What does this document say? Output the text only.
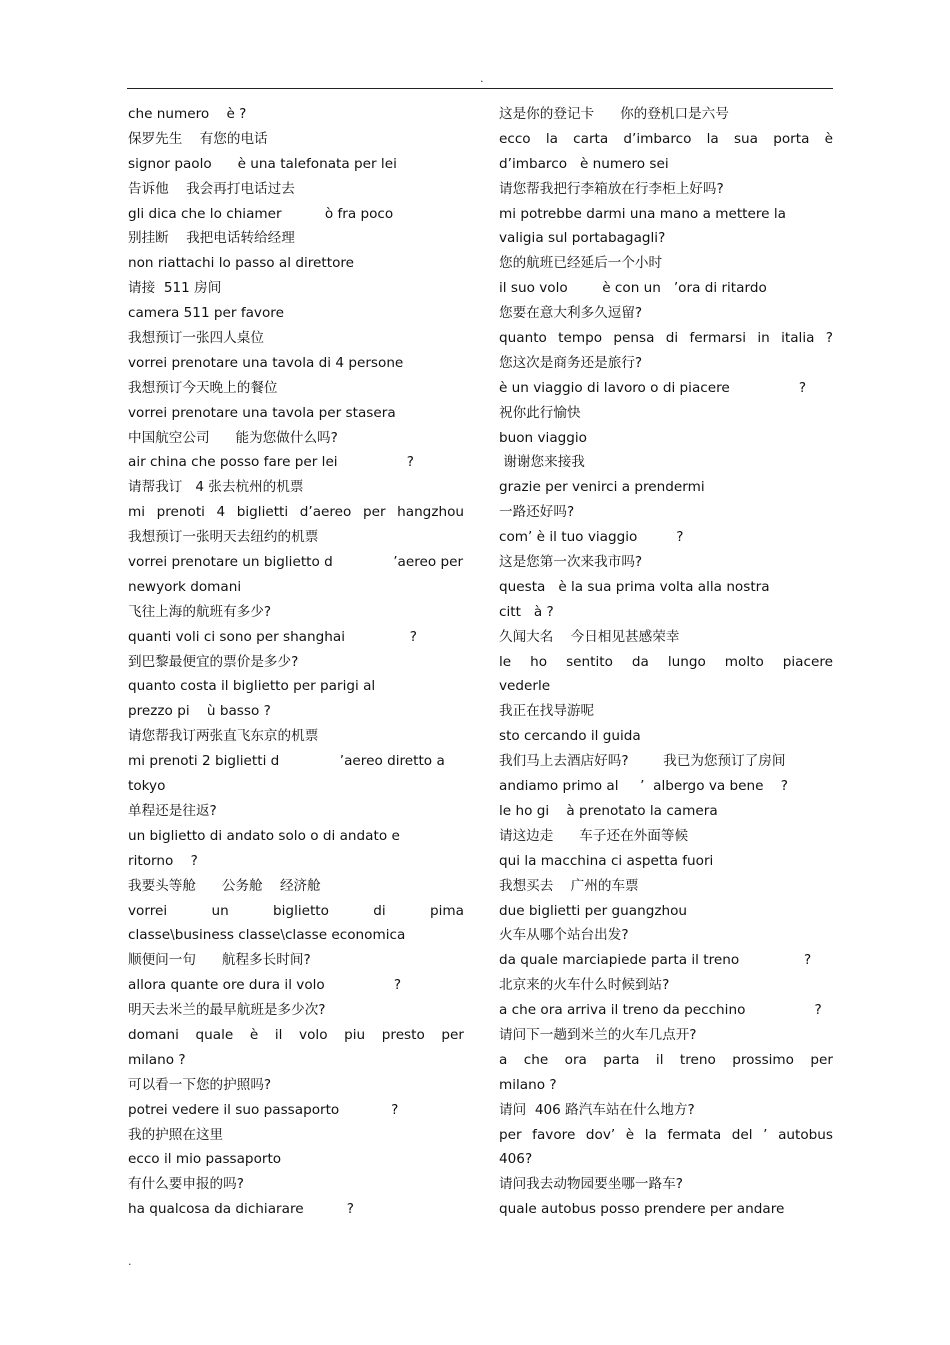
.
che numero    è ?
保罗先生    有您的电话
signor paolo      è una talefonata per lei
告诉他    我会再打电话过去
gli dica che lo chiamer          ò fra poco
别挂断    我把电话转给经理
non riattachi lo passo al direttore
请接  511 房间
camera 511 per favore
我想预订一张四人桌位
vorrei prenotare una tavola di 4 persone
我想预订今天晚上的餐位
vorrei prenotare una tavola per stasera
中国航空公司      能为您做什么吗?
air china che posso fare per lei                ?
请帮我订   4 张去杭州的机票
mi prenoti 4 biglietti d’aereo per hangzhou
我想预订一张明天去纽约的机票
vorrei prenotare un biglietto d              ’aereo per
newyork domani
飞往上海的航班有多少?
quanti voli ci sono per shanghai               ?
到巴黎最便宜的票价是多少?
quanto costa il biglietto per parigi al
prezzo pi    ù basso ?
请您帮我订两张直飞东京的机票
mi prenoti 2 biglietti d              ’aereo diretto a
tokyo
单程还是往返?
un biglietto di andato solo o di andato e
ritorno    ?
我要头等舱      公务舱    经济舱
vorrei un biglietto di pima
classe\business classe\classe economica
顺便问一句      航程多长时间?
allora quante ore dura il volo                ?
明天去米兰的最早航班是多少次?
domani quale è il volo piu presto per
milano ?
可以看一下您的护照吗?
potrei vedere il suo passaporto            ?
我的护照在这里
ecco il mio passaporto
有什么要申报的吗?
ha qualcosa da dichiarare          ?
这是你的登记卡      你的登机口是六号
ecco la carta d’imbarco la sua porta è
d’imbarco   è numero sei
请您帮我把行李箱放在行李柜上好吗?
mi potrebbe darmi una mano a mettere la
valigia sul portabagagli?
您的航班已经延后一个小时
il suo volo        è con un   ’ora di ritardo
您要在意大利多久逗留?
quanto tempo pensa di fermarsi in italia ?
您这次是商务还是旅行?
è un viaggio di lavoro o di piacere                ?
祝你此行愉快
buon viaggio
谢谢您来接我
grazie per venirci a prendermi
一路还好吗?
com’ è il tuo viaggio         ?
这是您第一次来我市吗?
questa   è la sua prima volta alla nostra
citt   à ?
久闻大名    今日相见甚感荣幸
le ho sentito da lungo molto piacere
vederle
我正在找导游呢
sto cercando il guida
我们马上去酒店好吗?        我已为您预订了房间
andiamo primo al     ’  albergo va bene    ?
le ho gi    à prenotato la camera
请这边走      车子还在外面等候
qui la macchina ci aspetta fuori
我想买去    广州的车票
due biglietti per guangzhou
火车从哪个站台出发?
da quale marciapiede parta il treno               ?
北京来的火车什么时候到站?
a che ora arriva il treno da pecchino                ?
请问下一趟到米兰的火车几点开?
a che ora parta il treno prossimo per
milano ?
请问  406 路汽车站在什么地方?
per favore dov’ è la fermata del ’ autobus
406?
请问我去动物园要坐哪一路车?
quale autobus posso prendere per andare
.
